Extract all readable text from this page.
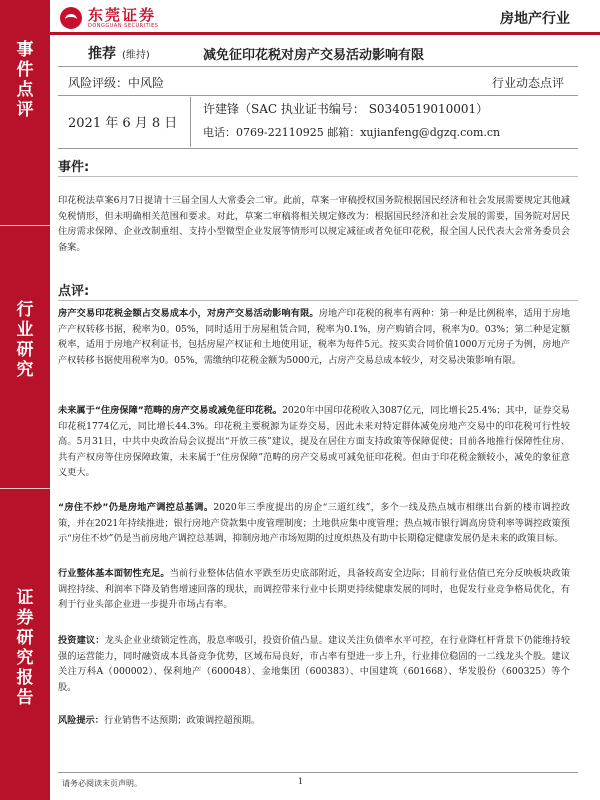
事
件
点
评
行
业
研
究
证
券
研
究
报
告
东莞证券
DONGGUAN SECURITIES	房地产行业
推荐 (维持)	减免征印花税对房产交易活动影响有限
风险评级：中风险	行业动态点评
2021 年 6 月 8 日
许建锋（SAC 执业证书编号： S0340519010001）
电话：0769-22110925 邮箱：xujianfeng@dgzq.com.cn
事件:
印花税法草案6月7日提请十三届全国人大常委会二审。此前，草案一审稿授权国务院根据国民经济和社会发展需要规定其他减免税情形，但未明确相关范围和要求。对此，草案二审稿将相关规定修改为：根据国民经济和社会发展的需要，国务院对居民住房需求保障、企业改制重组、支持小型微型企业发展等情形可以规定减征或者免征印花税，报全国人民代表大会常务委员会备案。
点评:
房产交易印花税金额占交易成本小，对房产交易活动影响有限。房地产印花税的税率有两种：第一种是比例税率，适用于房地产产权转移书据，税率为0。05%，同时适用于房屋租赁合同，税率为0.1%，房产购销合同，税率为0。03%；第二种是定额税率，适用于房地产权利证书，包括房屋产权证和土地使用证，税率为每件5元。按买卖合同价值1000万元房子为例，房地产产权转移书据使用税率为0。05%，需缴纳印花税金额为5000元，占房产交易总成本较少，对交易决策影响有限。
未来属于“住房保障”范畴的房产交易或减免征印花税。2020年中国印花税收入3087亿元，同比增长25.4%；其中，证券交易印花税1774亿元，同比增长44.3%。印花税主要税源为证券交易，因此未来对特定群体减免房地产交易中的印花税可行性较高。5月31日，中共中央政治局会议提出“开放三孩”建议，提及在居住方面支持政策等保障促使；目前各地推行保障性住房、共有产权房等住房保障政策，未来属于“住房保障”范畴的房产交易或可减免征印花税。但由于印花税金额较小，减免的象征意义更大。
“房住不炒”仍是房地产调控总基调。2020年三季度提出的房企“三道红线”，多个一线及热点城市相继出台新的楼市调控政策，并在2021年持续推进；银行房地产贷款集中度管理制度；土地供应集中度管理；热点城市银行调高房贷利率等调控政策预示“房住不炒”仍是当前房地产调控总基调，抑制房地产市场短期的过度炽热及有助中长期稳定健康发展仍是未来的政策目标。
行业整体基本面韧性充足。当前行业整体估值水平跌至历史底部附近，具备较高安全边际；目前行业估值已充分反映板块政策调控持续、利润率下降及销售增速回落的现状，而调控带来行业中长期更持续健康发展的同时，也促发行业竞争格局优化，有利于行业头部企业进一步提升市场占有率。
投资建议：龙头企业业绩锁定性高，股息率吸引，投资价值凸显。建议关注负债率水平可控，在行业降杠杆背景下仍能维持较强的运营能力，同时融资成本具备竞争优势，区域布局良好，市占率有望进一步上升，行业排位稳固的一二线龙头个股。建议关注万科A（000002）、保利地产（600048）、金地集团（600383）、中国建筑（601668）、华发股份（600325）等个股。
风险提示：行业销售不达预期；政策调控超预期。
请务必阅读末页声明。	1
